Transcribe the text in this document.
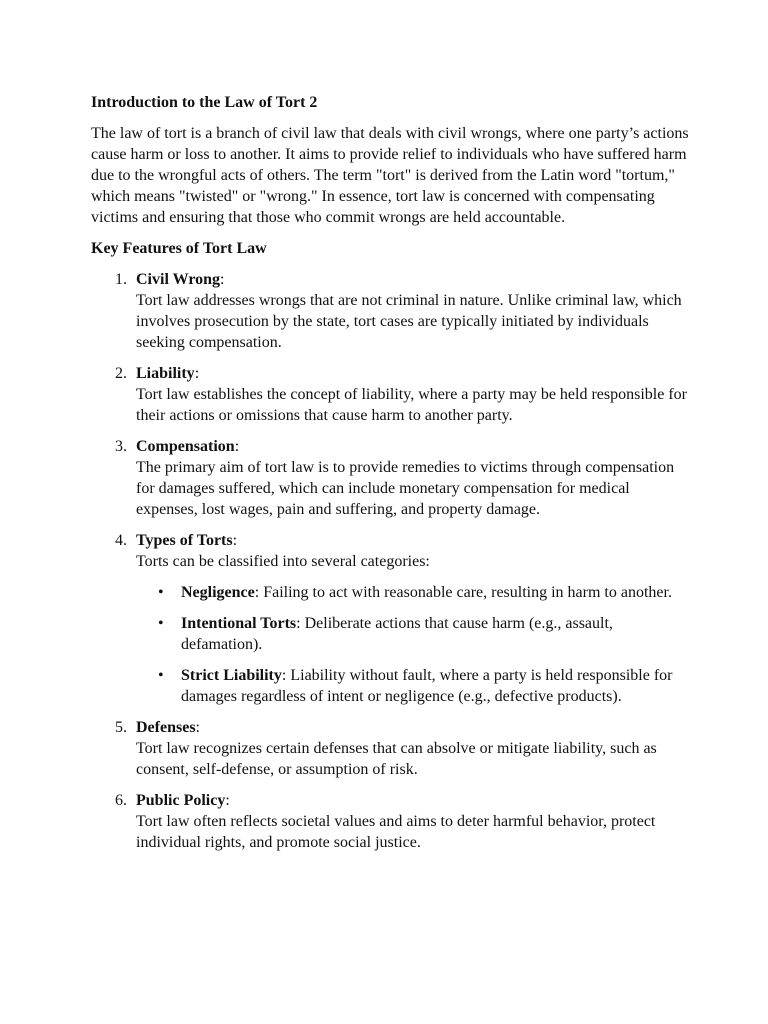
Introduction to the Law of Tort 2
The law of tort is a branch of civil law that deals with civil wrongs, where one party’s actions cause harm or loss to another. It aims to provide relief to individuals who have suffered harm due to the wrongful acts of others. The term "tort" is derived from the Latin word "tortum," which means "twisted" or "wrong." In essence, tort law is concerned with compensating victims and ensuring that those who commit wrongs are held accountable.
Key Features of Tort Law
1. Civil Wrong:
Tort law addresses wrongs that are not criminal in nature. Unlike criminal law, which involves prosecution by the state, tort cases are typically initiated by individuals seeking compensation.
2. Liability:
Tort law establishes the concept of liability, where a party may be held responsible for their actions or omissions that cause harm to another party.
3. Compensation:
The primary aim of tort law is to provide remedies to victims through compensation for damages suffered, which can include monetary compensation for medical expenses, lost wages, pain and suffering, and property damage.
4. Types of Torts:
Torts can be classified into several categories:
• Negligence: Failing to act with reasonable care, resulting in harm to another.
• Intentional Torts: Deliberate actions that cause harm (e.g., assault, defamation).
• Strict Liability: Liability without fault, where a party is held responsible for damages regardless of intent or negligence (e.g., defective products).
5. Defenses:
Tort law recognizes certain defenses that can absolve or mitigate liability, such as consent, self-defense, or assumption of risk.
6. Public Policy:
Tort law often reflects societal values and aims to deter harmful behavior, protect individual rights, and promote social justice.
